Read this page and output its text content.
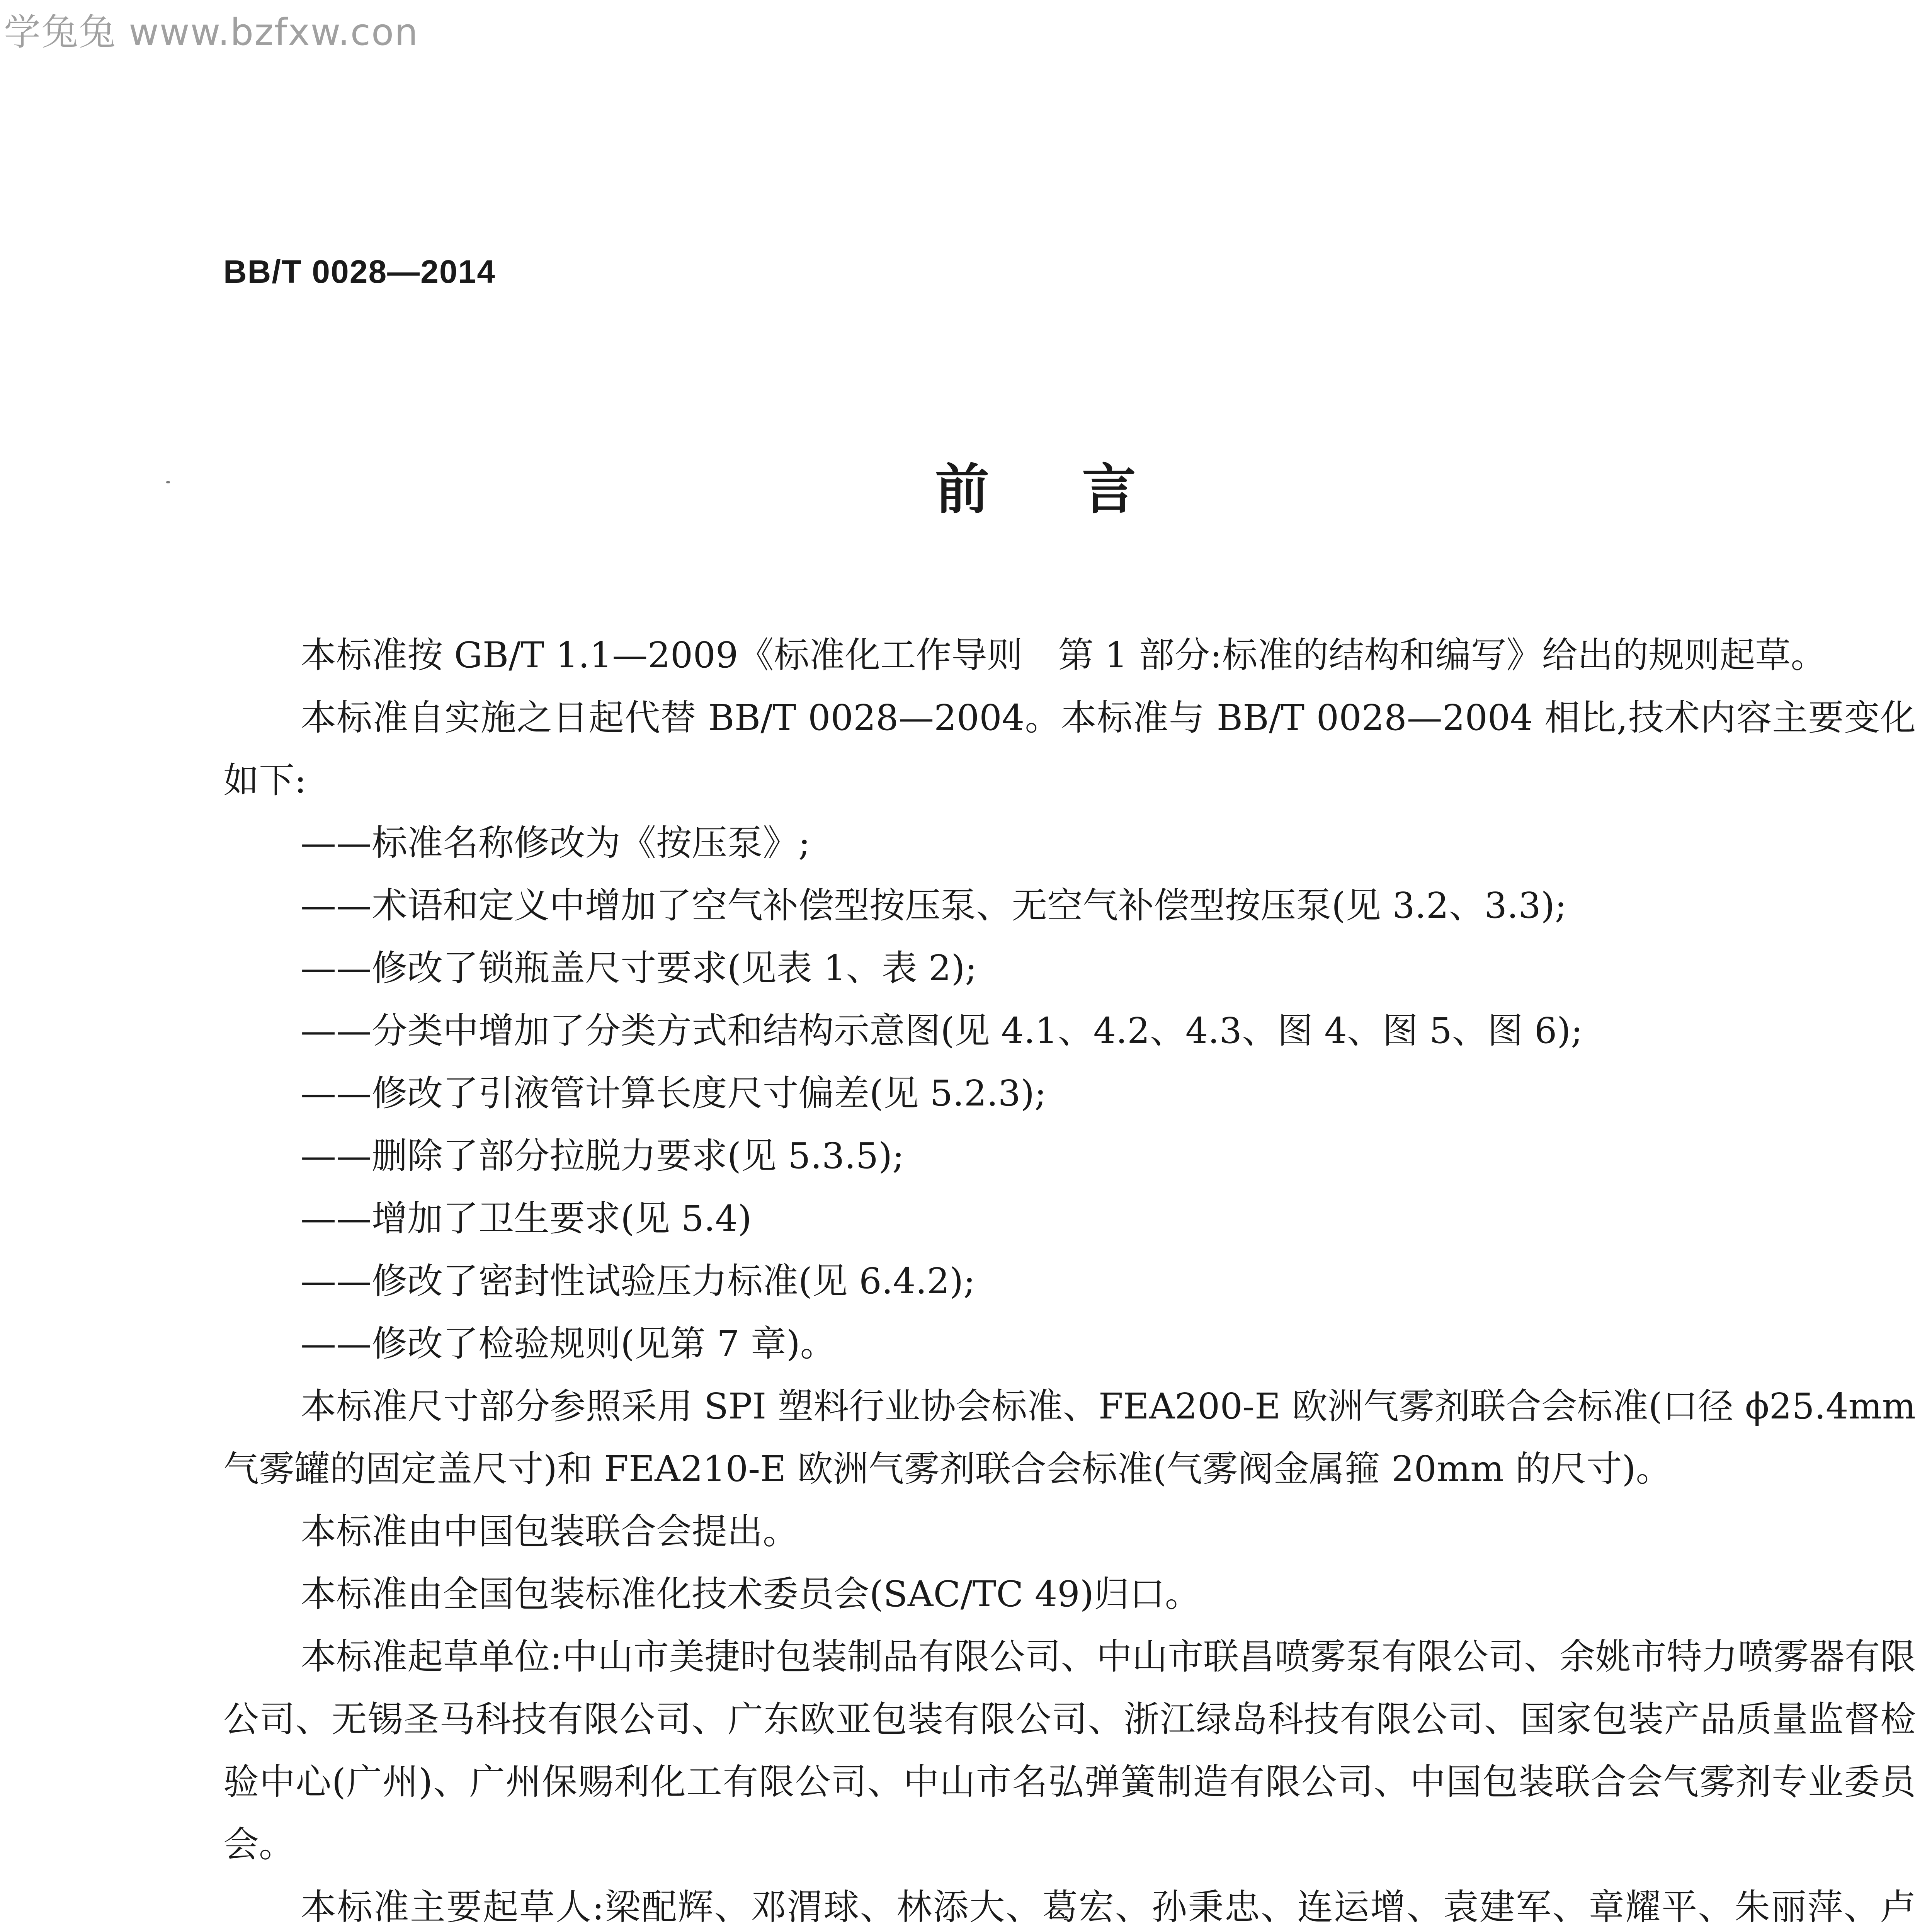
学兔兔 www.bzfxw.con
BB/T 0028—2014
前 言

本标准按 GB/T 1.1—2009《标准化工作导则　第 1 部分:标准的结构和编写》给出的规则起草。

本标准自实施之日起代替 BB/T 0028—2004。本标准与 BB/T 0028—2004 相比,技术内容主要变化如下:

——标准名称修改为《按压泵》;

——术语和定义中增加了空气补偿型按压泵、无空气补偿型按压泵(见 3.2、3.3);

——修改了锁瓶盖尺寸要求(见表 1、表 2);

——分类中增加了分类方式和结构示意图(见 4.1、4.2、4.3、图 4、图 5、图 6);

——修改了引液管计算长度尺寸偏差(见 5.2.3);

——删除了部分拉脱力要求(见 5.3.5);

——增加了卫生要求(见 5.4)

——修改了密封性试验压力标准(见 6.4.2);

——修改了检验规则(见第 7 章)。

本标准尺寸部分参照采用 SPI 塑料行业协会标准、FEA200-E 欧洲气雾剂联合会标准(口径 ϕ25.4mm 气雾罐的固定盖尺寸)和 FEA210-E 欧洲气雾剂联合会标准(气雾阀金属箍 20mm 的尺寸)。

本标准由中国包装联合会提出。

本标准由全国包装标准化技术委员会(SAC/TC 49)归口。

本标准起草单位:中山市美捷时包装制品有限公司、中山市联昌喷雾泵有限公司、余姚市特力喷雾器有限公司、无锡圣马科技有限公司、广东欧亚包装有限公司、浙江绿岛科技有限公司、国家包装产品质量监督检验中心(广州)、广州保赐利化工有限公司、中山市名弘弹簧制造有限公司、中国包装联合会气雾剂专业委员会。

本标准主要起草人:梁配辉、邓渭球、林添大、葛宏、孙秉忠、连运增、袁建军、章耀平、朱丽萍、卢
